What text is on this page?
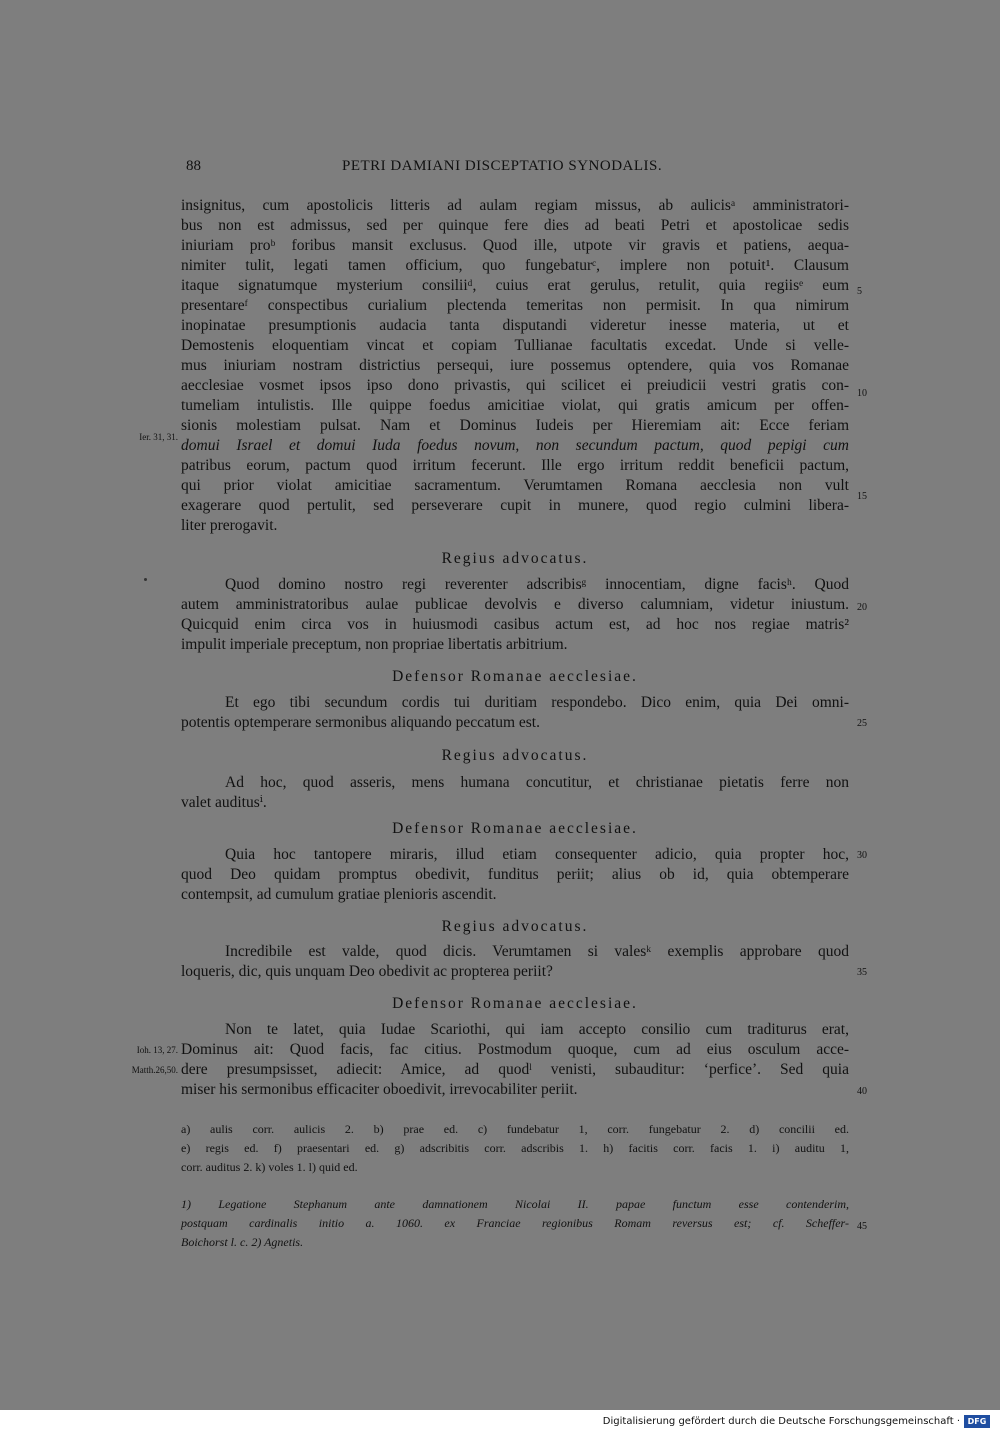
88	PETRI DAMIANI DISCEPTATIO SYNODALIS.
insignitus, cum apostolicis litteris ad aulam regiam missus, ab aulicisᵃ amministratori-
bus non est admissus, sed per quinque fere dies ad beati Petri et apostolicae sedis
iniuriam proᵇ foribus mansit exclusus. Quod ille, utpote vir gravis et patiens, aequa-
nimiter tulit, legati tamen officium, quo fungebaturᶜ, implere non potuit¹. Clausum
itaque signatumque mysterium consiliiᵈ, cuius erat gerulus, retulit, quia regiisᵉ eum
presentareᶠ conspectibus curialium plectenda temeritas non permisit. In qua nimirum
inopinatae presumptionis audacia tanta disputandi videretur inesse materia, ut et
Demostenis eloquentiam vincat et copiam Tullianae facultatis excedat. Unde si velle-
mus iniuriam nostram districtius persequi, iure possemus optendere, quia vos Romanae
aecclesiae vosmet ipsos ipso dono privastis, qui scilicet ei preiudicii vestri gratis con-
tumeliam intulistis. Ille quippe foedus amicitiae violat, qui gratis amicum per offen-
sionis molestiam pulsat. Nam et Dominus Iudeis per Hieremiam ait: Ecce feriam
domui Israel et domui Iuda foedus novum, non secundum pactum, quod pepigi cum
patribus eorum, pactum quod irritum fecerunt. Ille ergo irritum reddit beneficii pactum,
qui prior violat amicitiae sacramentum. Verumtamen Romana aecclesia non vult
exagerare quod pertulit, sed perseverare cupit in munere, quod regio culmini libera-
liter prerogavit.
Regius advocatus.
Quod domino nostro regi reverenter adscribisᵍ innocentiam, digne facisʰ. Quod
autem amministratoribus aulae publicae devolvis e diverso calumniam, videtur iniustum.
Quicquid enim circa vos in huiusmodi casibus actum est, ad hoc nos regiae matris²
impulit imperiale preceptum, non propriae libertatis arbitrium.
Defensor Romanae aecclesiae.
Et ego tibi secundum cordis tui duritiam respondebo. Dico enim, quia Dei omni-
potentis optemperare sermonibus aliquando peccatum est.
Regius advocatus.
Ad hoc, quod asseris, mens humana concutitur, et christianae pietatis ferre non
valet auditusⁱ.
Defensor Romanae aecclesiae.
Quia hoc tantopere miraris, illud etiam consequenter adicio, quia propter hoc,
quod Deo quidam promptus obedivit, funditus periit; alius ob id, quia obtemperare
contempsit, ad cumulum gratiae plenioris ascendit.
Regius advocatus.
Incredibile est valde, quod dicis. Verumtamen si valesᵏ exemplis approbare quod
loqueris, dic, quis unquam Deo obedivit ac propterea periit?
Defensor Romanae aecclesiae.
Non te latet, quia Iudae Scariothi, qui iam accepto consilio cum traditurus erat,
Dominus ait: Quod facis, fac citius. Postmodum quoque, cum ad eius osculum acce-
dere presumpsisset, adiecit: Amice, ad quodˡ venisti, subauditur: ‘perfice’. Sed quia
miser his sermonibus efficaciter oboedivit, irrevocabiliter periit.
5
10
15
20
25
30
35
40
45
Ier. 31, 31.
Ioh. 13, 27.
Matth.26,50.
a) aulis corr. aulicis 2. b) prae ed. c) fundebatur 1, corr. fungebatur 2. d) concilii ed.
e) regis ed. f) praesentari ed. g) adscribitis corr. adscribis 1. h) facitis corr. facis 1. i) auditu 1,
corr. auditus 2. k) voles 1. l) quid ed.
1) Legatione Stephanum ante damnationem Nicolai II. papae functum esse contenderim,
postquam cardinalis initio a. 1060. ex Franciae regionibus Romam reversus est; cf. Scheffer-
Boichorst l. c. 2) Agnetis.
Digitalisierung gefördert durch die Deutsche Forschungsgemeinschaft · DFG
